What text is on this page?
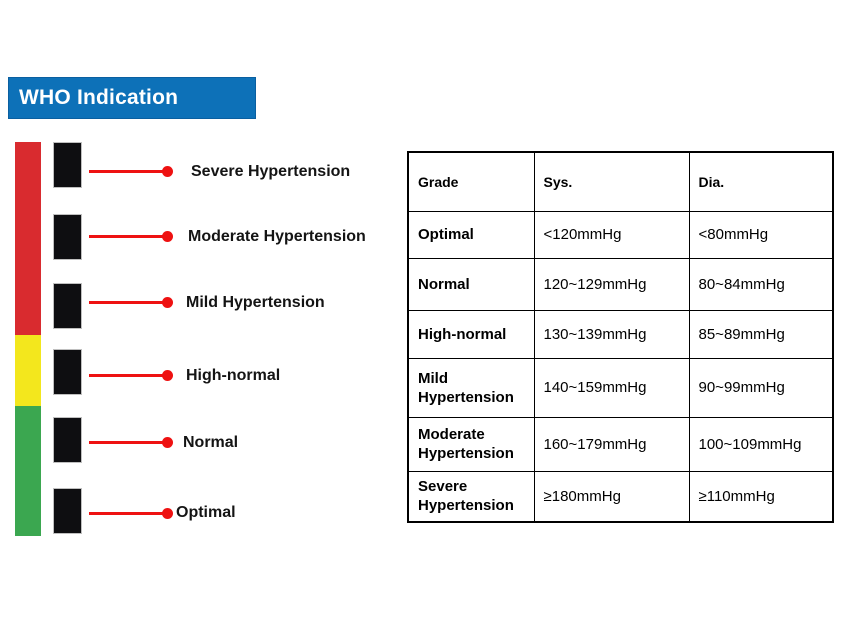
WHO Indication
Severe Hypertension
Moderate Hypertension
Mild Hypertension
High-normal
Normal
Optimal
Grade	Sys.	Dia.
Optimal	<120mmHg	<80mmHg
Normal	120~129mmHg	80~84mmHg
High-normal	130~139mmHg	85~89mmHg
Mild Hypertension	140~159mmHg	90~99mmHg
Moderate Hypertension	160~179mmHg	100~109mmHg
Severe Hypertension	≥180mmHg	≥110mmHg
